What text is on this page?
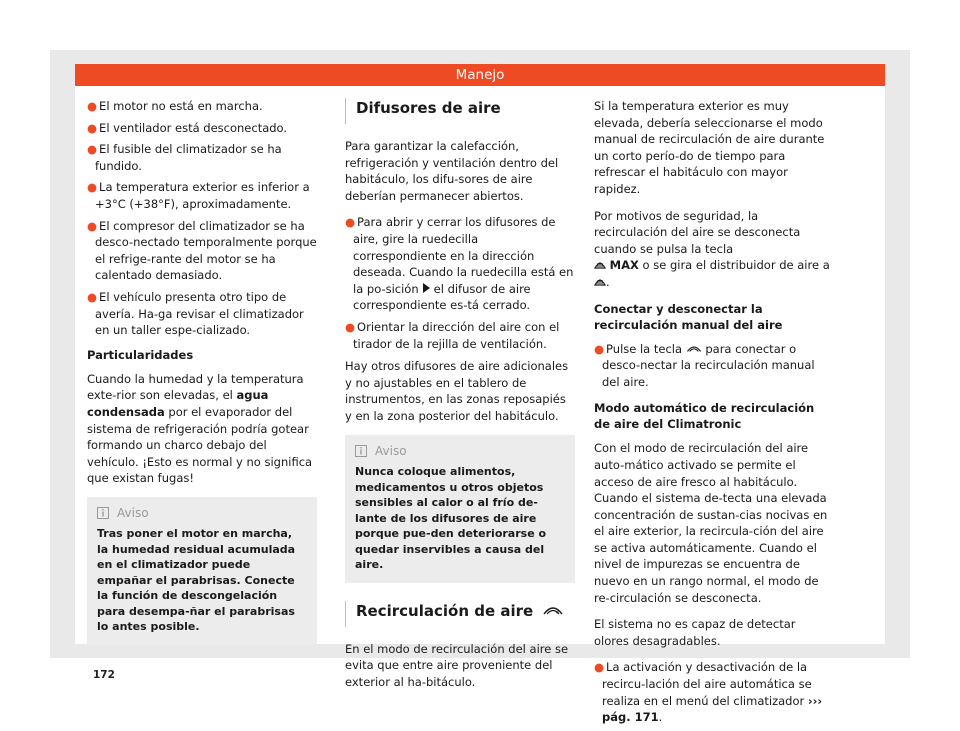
Manejo

● El motor no está en marcha.

● El ventilador está desconectado.

● El fusible del climatizador se ha fundido.

● La temperatura exterior es inferior a +3°C (+38°F), aproximadamente.

● El compresor del climatizador se ha desco-nectado temporalmente porque el refrige-rante del motor se ha calentado demasiado.

● El vehículo presenta otro tipo de avería. Ha-ga revisar el climatizador en un taller espe-cializado.

Particularidades

Cuando la humedad y la temperatura exte-rior son elevadas, el agua condensada por el evaporador del sistema de refrigeración podría gotear formando un charco debajo del vehículo. ¡Esto es normal y no significa que existan fugas!

Aviso
Tras poner el motor en marcha, la humedad residual acumulada en el climatizador puede empañar el parabrisas. Conecte la función de descongelación para desempa-ñar el parabrisas lo antes posible.
Difusores de aire

Para garantizar la calefacción, refrigeración y ventilación dentro del habitáculo, los difu-sores de aire deberían permanecer abiertos.

● Para abrir y cerrar los difusores de aire, gire la ruedecilla correspondiente en la dirección deseada. Cuando la ruedecilla está en la po-sición el difusor de aire correspondiente es-tá cerrado.

● Orientar la dirección del aire con el tirador de la rejilla de ventilación.

Hay otros difusores de aire adicionales y no ajustables en el tablero de instrumentos, en las zonas reposapiés y en la zona posterior del habitáculo.

Aviso
Nunca coloque alimentos, medicamentos u otros objetos sensibles al calor o al frío de-lante de los difusores de aire porque pue-den deteriorarse o quedar inservibles a causa del aire.
Recirculación de aire

En el modo de recirculación del aire se evita que entre aire proveniente del exterior al ha-bitáculo.

Si la temperatura exterior es muy elevada, debería seleccionarse el modo manual de recirculación de aire durante un corto perío-do de tiempo para refrescar el habitáculo con mayor rapidez.

Por motivos de seguridad, la recirculación del aire se desconecta cuando se pulsa la tecla
MAX o se gira el distribuidor de aire a .

Conectar y desconectar la recirculación manual del aire

● Pulse la tecla para conectar o desco-nectar la recirculación manual del aire.

Modo automático de recirculación de aire del Climatronic

Con el modo de recirculación del aire auto-mático activado se permite el acceso de aire fresco al habitáculo. Cuando el sistema de-tecta una elevada concentración de sustan-cias nocivas en el aire exterior, la recircula-ción del aire se activa automáticamente. Cuando el nivel de impurezas se encuentra de nuevo en un rango normal, el modo de re-circulación se desconecta.

El sistema no es capaz de detectar olores desagradables.

● La activación y desactivación de la recircu-lación del aire automática se realiza en el menú del climatizador ››› pág. 171.

172
